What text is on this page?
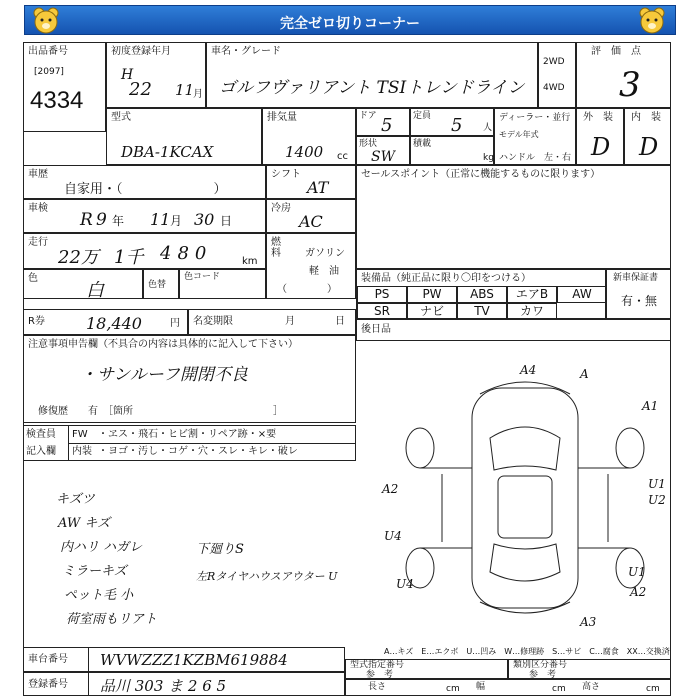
完全ゼロ切りコーナー
出品番号
[2097]
4334
初度登録年月
H
22 11
月
車名・グレード
ゴルフヴァリアント TSIトレンドライン
2WD
4WD
評　価　点
3
型式
DBA-1KCAX
排気量
1400 cc
ドア 5 定員 5 人
形状
SW
積載
kg
ディーラー・並行
モデル年式
ハンドル　左・右
外　装
D
内　装
D
車歴
自家用・（　　　　　　　）
シフト
AT
車検
R 9 年 11 月 30 日
冷房
AC
走行
22万 1千 480	km
燃料	ガソリン
軽　油
（　　　　）
色
白	色替
色コード
セールスポイント（正常に機能するものに限ります）
装備品（純正品に限り〇印をつける）
PS	PW	ABS	エアB	AW
SR	ナビ	TV	カワ
新車保証書
有・無
後日品
R券	18,440	円 名変期限	月	日
注意事項申告欄（不具合の内容は具体的に記入して下さい）
・サンルーフ開閉不良
修復歴　　有　［箇所　　　　　　　　　　　　　　］
検査員
記入欄
FW ・ヱス・飛石・ヒビ割・リペア跡・×要
内装 ・ヨゴ・汚し・コゲ・穴・スレ・キレ・破レ
キズツ
AW キズ
内ハリ ハガレ
ミラーキズ
ペット毛 小
荷室雨もリアト
下廻りS
左Rタイヤハウスアウター U
A4	A
A1
A2	U1
U2
U4
U4
U1
A2
A3
A…キズ　E…エクボ　U…凹み　W…修理跡　S…サビ　C…腐食　XX…交換済
車台番号 WVWZZZ1KZBM619884
登録番号 品川 303 ま 2 6 5
型式指定番号
参　考
類別区分番号
参　考
長さ	幅	高さ
cm	cm	cm
